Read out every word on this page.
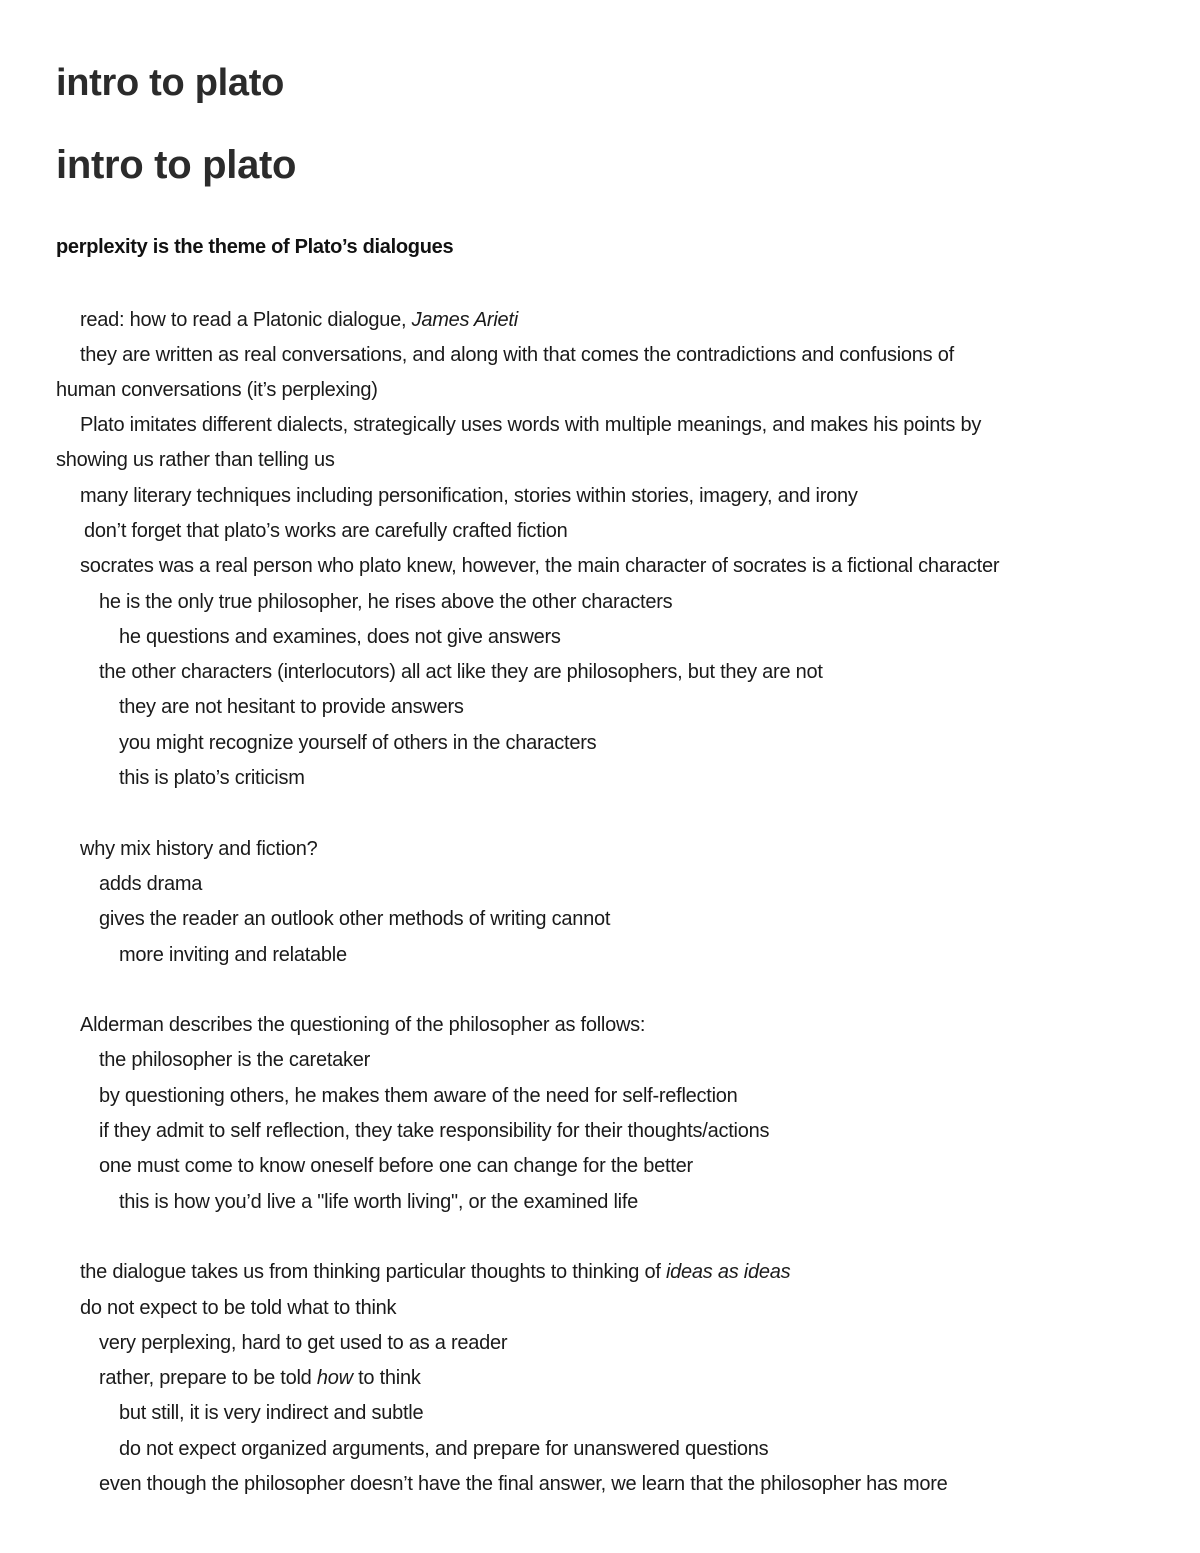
intro to plato
intro to plato
perplexity is the theme of Plato’s dialogues
read: how to read a Platonic dialogue, James Arieti
they are written as real conversations, and along with that comes the contradictions and confusions of
human conversations (it’s perplexing)
Plato imitates different dialects, strategically uses words with multiple meanings, and makes his points by
showing us rather than telling us
many literary techniques including personification, stories within stories, imagery, and irony
don’t forget that plato’s works are carefully crafted fiction
socrates was a real person who plato knew, however, the main character of socrates is a fictional character
he is the only true philosopher, he rises above the other characters
he questions and examines, does not give answers
the other characters (interlocutors) all act like they are philosophers, but they are not
they are not hesitant to provide answers
you might recognize yourself of others in the characters
this is plato’s criticism
why mix history and fiction?
adds drama
gives the reader an outlook other methods of writing cannot
more inviting and relatable
Alderman describes the questioning of the philosopher as follows:
the philosopher is the caretaker
by questioning others, he makes them aware of the need for self-reflection
if they admit to self reflection, they take responsibility for their thoughts/actions
one must come to know oneself before one can change for the better
this is how you’d live a "life worth living", or the examined life
the dialogue takes us from thinking particular thoughts to thinking of ideas as ideas
do not expect to be told what to think
very perplexing, hard to get used to as a reader
rather, prepare to be told how to think
but still, it is very indirect and subtle
do not expect organized arguments, and prepare for unanswered questions
even though the philosopher doesn’t have the final answer, we learn that the philosopher has more
